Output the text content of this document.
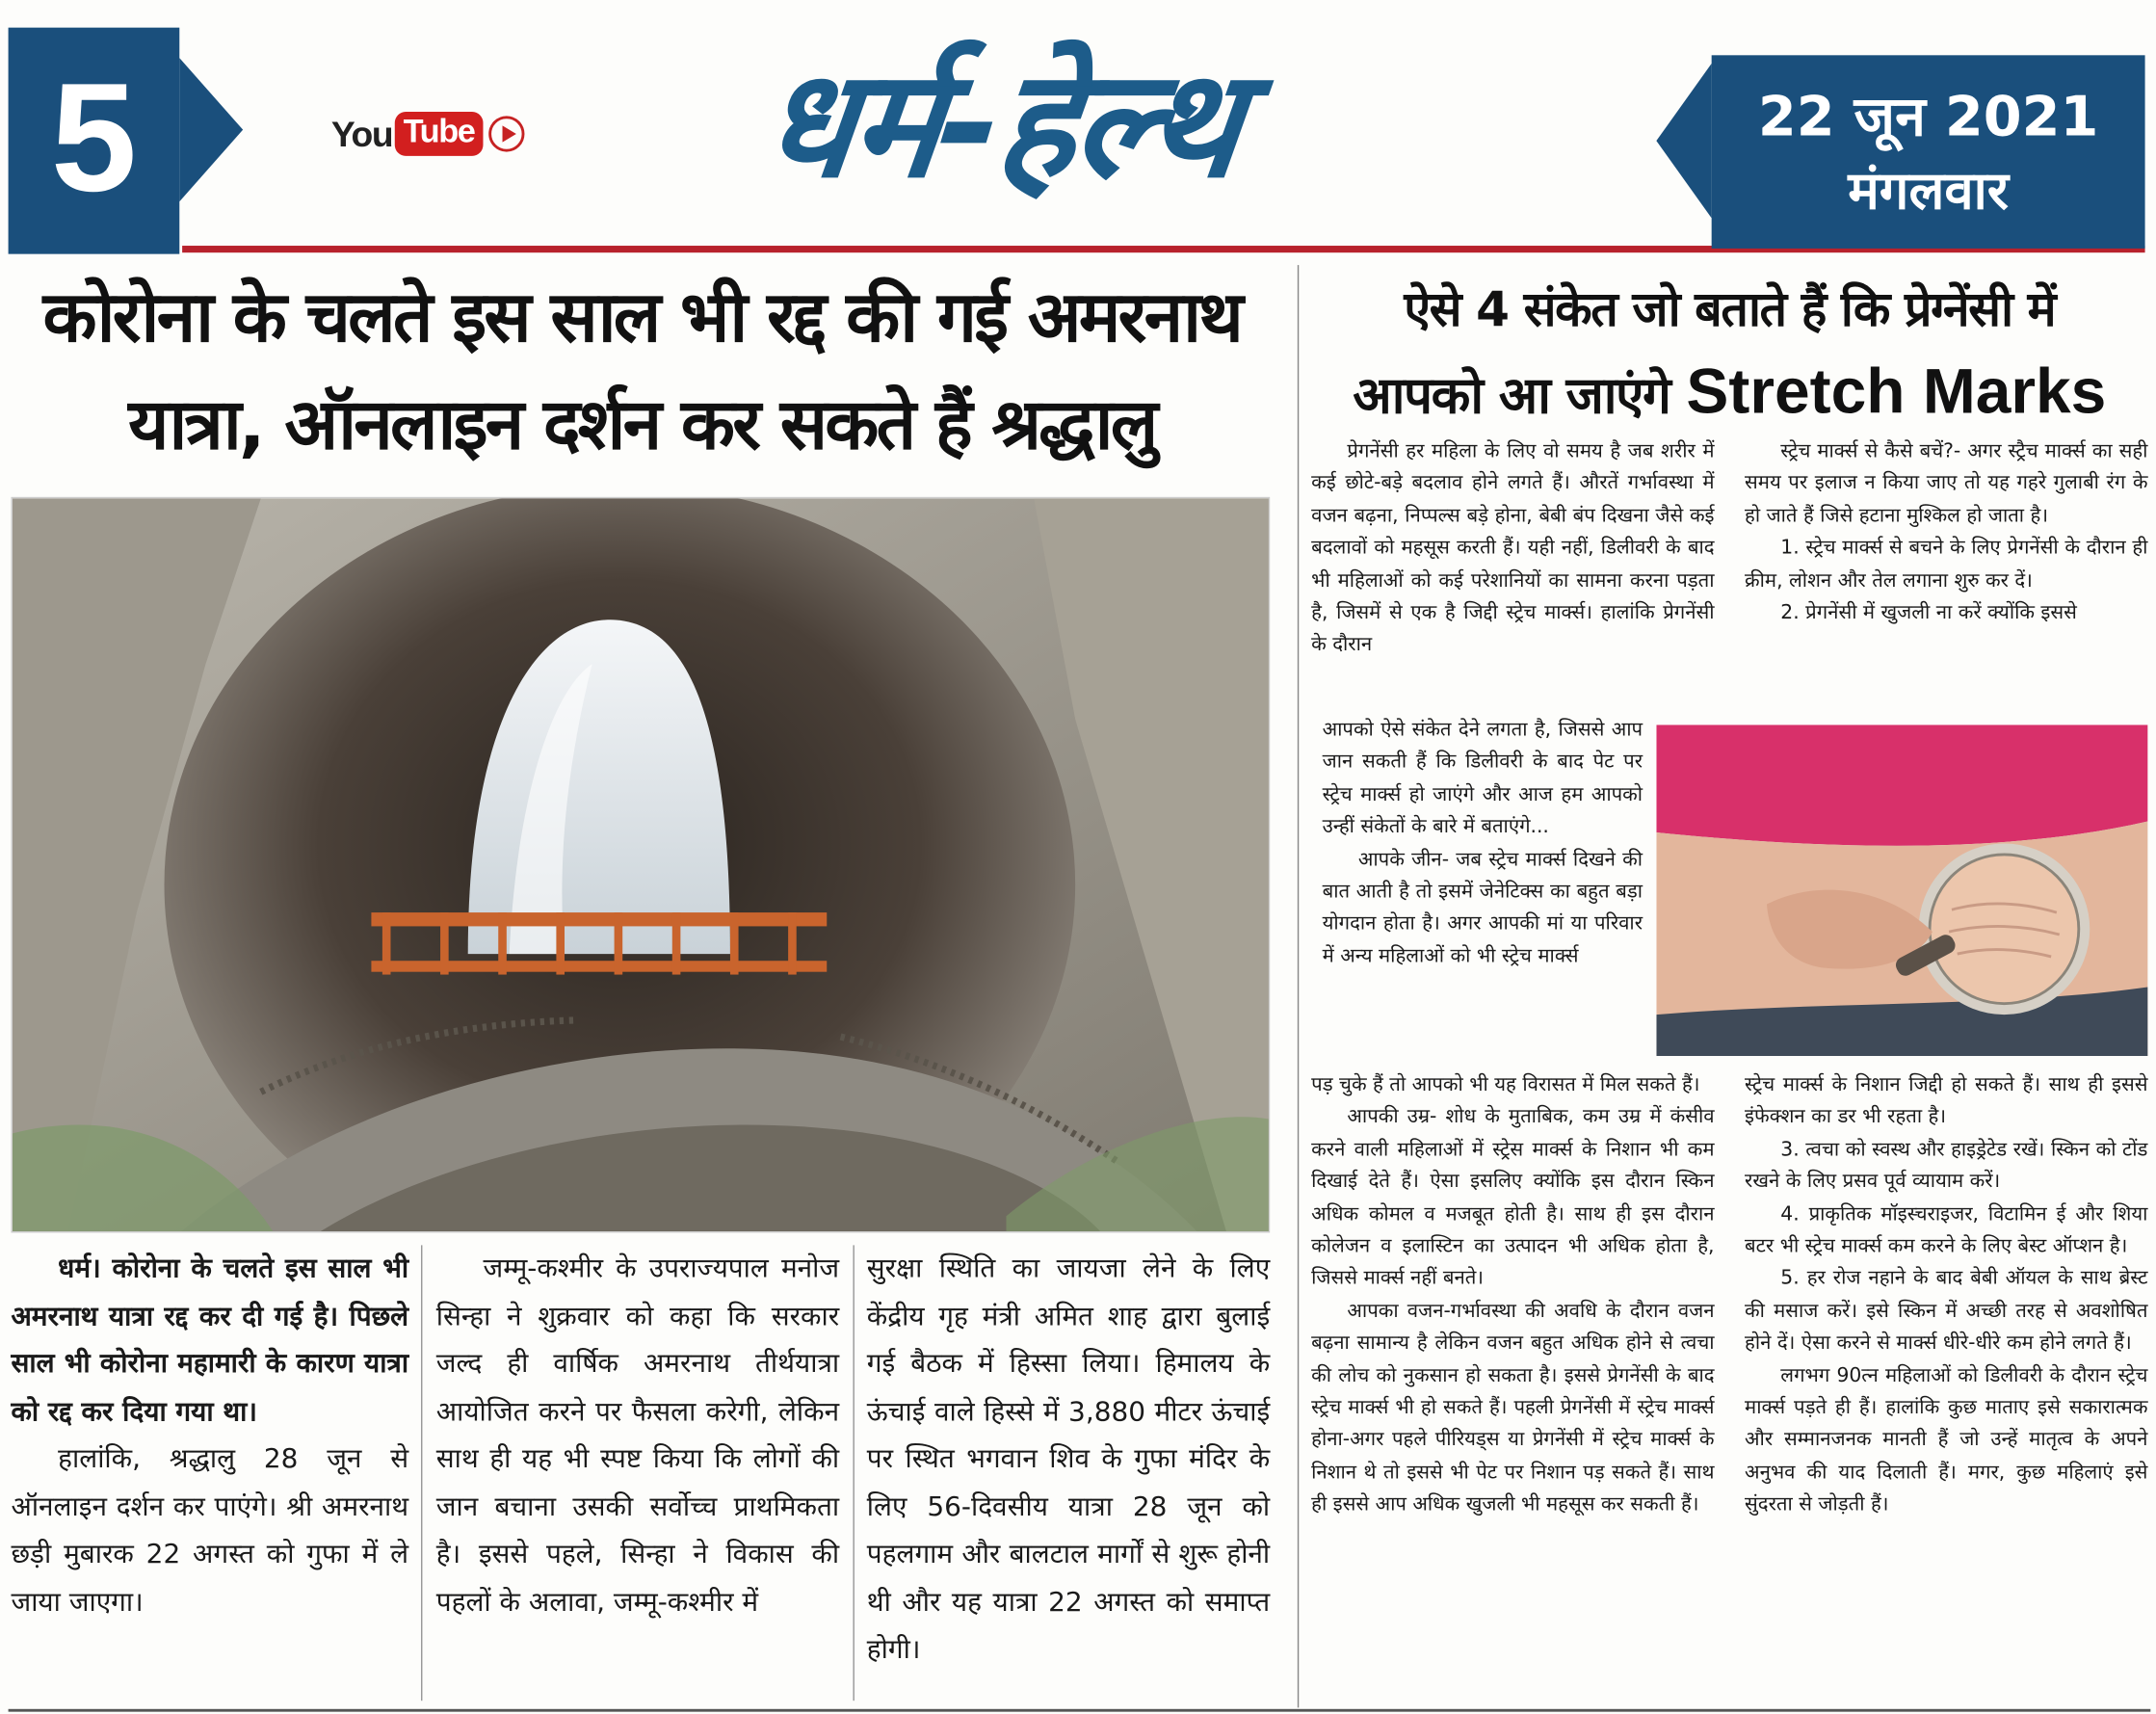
5	You Tube	धर्म-हेल्थ	22 जून 2021
मंगलवार
कोरोना के चलते इस साल भी रद्द की गई अमरनाथ
यात्रा, ऑनलाइन दर्शन कर सकते हैं श्रद्धालु

धर्म। कोरोना के चलते इस साल भी अमरनाथ यात्रा रद्द कर दी गई है। पिछले साल भी कोरोना महामारी के कारण यात्रा को रद्द कर दिया गया था।

हालांकि, श्रद्धालु 28 जून से ऑनलाइन दर्शन कर पाएंगे। श्री अमरनाथ छड़ी मुबारक 22 अगस्त को गुफा में ले जाया जाएगा।

जम्मू-कश्मीर के उपराज्यपाल मनोज सिन्हा ने शुक्रवार को कहा कि सरकार जल्द ही वार्षिक अमरनाथ तीर्थयात्रा आयोजित करने पर फैसला करेगी, लेकिन साथ ही यह भी स्पष्ट किया कि लोगों की जान बचाना उसकी सर्वोच्च प्राथमिकता है। इससे पहले, सिन्हा ने विकास की पहलों के अलावा, जम्मू-कश्मीर में

सुरक्षा स्थिति का जायजा लेने के लिए केंद्रीय गृह मंत्री अमित शाह द्वारा बुलाई गई बैठक में हिस्सा लिया। हिमालय के ऊंचाई वाले हिस्से में 3,880 मीटर ऊंचाई पर स्थित भगवान शिव के गुफा मंदिर के लिए 56-दिवसीय यात्रा 28 जून को पहलगाम और बालटाल मार्गों से शुरू होनी थी और यह यात्रा 22 अगस्त को समाप्त होगी।

ऐसे 4 संकेत जो बताते हैं कि प्रेग्नेंसी में
आपको आ जाएंगे Stretch Marks

प्रेगनेंसी हर महिला के लिए वो समय है जब शरीर में कई छोटे-बड़े बदलाव होने लगते हैं। औरतें गर्भावस्था में वजन बढ़ना, निप्पल्स बड़े होना, बेबी बंप दिखना जैसे कई बदलावों को महसूस करती हैं। यही नहीं, डिलीवरी के बाद भी महिलाओं को कई परेशानियों का सामना करना पड़ता है, जिसमें से एक है जिद्दी स्ट्रेच मार्क्स। हालांकि प्रेगनेंसी के दौरान

आपको ऐसे संकेत देने लगता है, जिससे आप जान सकती हैं कि डिलीवरी के बाद पेट पर स्ट्रेच मार्क्स हो जाएंगे और आज हम आपको उन्हीं संकेतों के बारे में बताएंगे...

आपके जीन- जब स्ट्रेच मार्क्स दिखने की बात आती है तो इसमें जेनेटिक्स का बहुत बड़ा योगदान होता है। अगर आपकी मां या परिवार में अन्य महिलाओं को भी स्ट्रेच मार्क्स

पड़ चुके हैं तो आपको भी यह विरासत में मिल सकते हैं।

आपकी उम्र- शोध के मुताबिक, कम उम्र में कंसीव करने वाली महिलाओं में स्ट्रेस मार्क्स के निशान भी कम दिखाई देते हैं। ऐसा इसलिए क्योंकि इस दौरान स्किन अधिक कोमल व मजबूत होती है। साथ ही इस दौरान कोलेजन व इलास्टिन का उत्पादन भी अधिक होता है, जिससे मार्क्स नहीं बनते।

आपका वजन-गर्भावस्था की अवधि के दौरान वजन बढ़ना सामान्य है लेकिन वजन बहुत अधिक होने से त्वचा की लोच को नुकसान हो सकता है। इससे प्रेगनेंसी के बाद स्ट्रेच मार्क्स भी हो सकते हैं। पहली प्रेगनेंसी में स्ट्रेच मार्क्स होना-अगर पहले पीरियड्स या प्रेगनेंसी में स्ट्रेच मार्क्स के निशान थे तो इससे भी पेट पर निशान पड़ सकते हैं। साथ ही इससे आप अधिक खुजली भी महसूस कर सकती हैं।

स्ट्रेच मार्क्स से कैसे बचें?- अगर स्ट्रैच मार्क्स का सही समय पर इलाज न किया जाए तो यह गहरे गुलाबी रंग के हो जाते हैं जिसे हटाना मुश्किल हो जाता है।

1. स्ट्रेच मार्क्स से बचने के लिए प्रेगनेंसी के दौरान ही क्रीम, लोशन और तेल लगाना शुरु कर दें।

2. प्रेगनेंसी में खुजली ना करें क्योंकि इससे

स्ट्रेच मार्क्स के निशान जिद्दी हो सकते हैं। साथ ही इससे इंफेक्शन का डर भी रहता है।

3. त्वचा को स्वस्थ और हाइड्रेटेड रखें। स्किन को टोंड रखने के लिए प्रसव पूर्व व्यायाम करें।

4. प्राकृतिक मॉइस्चराइजर, विटामिन ई और शिया बटर भी स्ट्रेच मार्क्स कम करने के लिए बेस्ट ऑप्शन है।

5. हर रोज नहाने के बाद बेबी ऑयल के साथ ब्रेस्ट की मसाज करें। इसे स्किन में अच्छी तरह से अवशोषित होने दें। ऐसा करने से मार्क्स धीरे-धीरे कम होने लगते हैं।

लगभग 90त्न महिलाओं को डिलीवरी के दौरान स्ट्रेच मार्क्स पड़ते ही हैं। हालांकि कुछ माताए इसे सकारात्मक और सम्मानजनक मानती हैं जो उन्हें मातृत्व के अपने अनुभव की याद दिलाती हैं। मगर, कुछ महिलाएं इसे सुंदरता से जोड़ती हैं।
